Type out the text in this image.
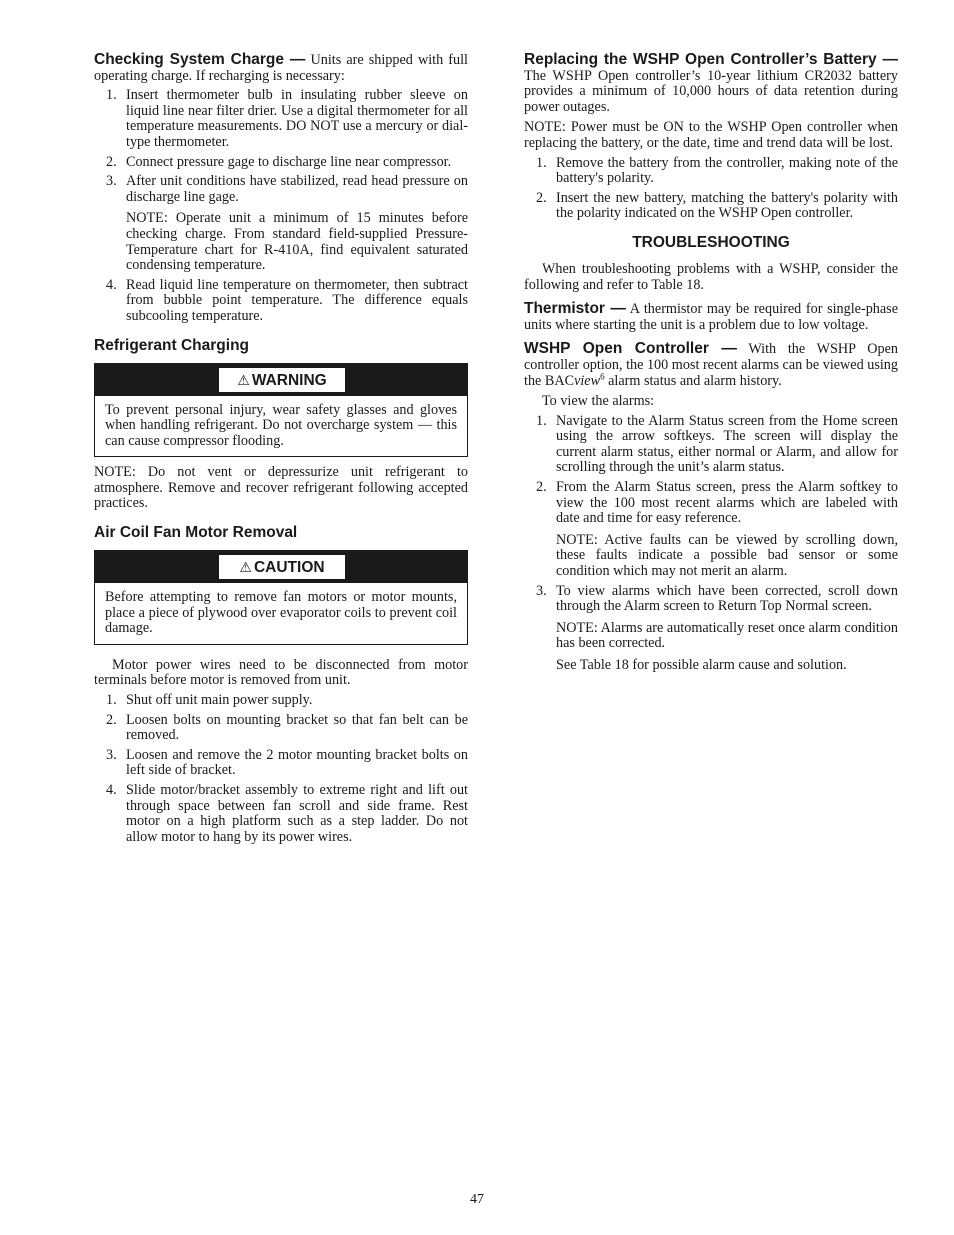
Checking System Charge — Units are shipped with full operating charge. If recharging is necessary:

1. Insert thermometer bulb in insulating rubber sleeve on liquid line near filter drier. Use a digital thermometer for all temperature measurements. DO NOT use a mercury or dial-type thermometer.
2. Connect pressure gage to discharge line near compressor.
3. After unit conditions have stabilized, read head pressure on discharge line gage.

NOTE: Operate unit a minimum of 15 minutes before checking charge. From standard field-supplied Pressure-Temperature chart for R-410A, find equivalent saturated condensing temperature.

4. Read liquid line temperature on thermometer, then subtract from bubble point temperature. The difference equals subcooling temperature.
Refrigerant Charging
⚠ WARNING

To prevent personal injury, wear safety glasses and gloves when handling refrigerant. Do not overcharge system — this can cause compressor flooding.

NOTE: Do not vent or depressurize unit refrigerant to atmosphere. Remove and recover refrigerant following accepted practices.

Air Coil Fan Motor Removal
⚠ CAUTION

Before attempting to remove fan motors or motor mounts, place a piece of plywood over evaporator coils to prevent coil damage.

Motor power wires need to be disconnected from motor terminals before motor is removed from unit.

1. Shut off unit main power supply.
2. Loosen bolts on mounting bracket so that fan belt can be removed.
3. Loosen and remove the 2 motor mounting bracket bolts on left side of bracket.
4. Slide motor/bracket assembly to extreme right and lift out through space between fan scroll and side frame. Rest motor on a high platform such as a step ladder. Do not allow motor to hang by its power wires.

Replacing the WSHP Open Controller’s Battery — The WSHP Open controller’s 10-year lithium CR2032 battery provides a minimum of 10,000 hours of data retention during power outages.

NOTE: Power must be ON to the WSHP Open controller when replacing the battery, or the date, time and trend data will be lost.

1. Remove the battery from the controller, making note of the battery's polarity.
2. Insert the new battery, matching the battery's polarity with the polarity indicated on the WSHP Open controller.
TROUBLESHOOTING

When troubleshooting problems with a WSHP, consider the following and refer to Table 18.

Thermistor — A thermistor may be required for single-phase units where starting the unit is a problem due to low voltage.

WSHP Open Controller — With the WSHP Open controller option, the 100 most recent alarms can be viewed using the BACview$^6$ alarm status and alarm history.

To view the alarms:

1. Navigate to the Alarm Status screen from the Home screen using the arrow softkeys. The screen will display the current alarm status, either normal or Alarm, and allow for scrolling through the unit’s alarm status.
2. From the Alarm Status screen, press the Alarm softkey to view the 100 most recent alarms which are labeled with date and time for easy reference.

NOTE: Active faults can be viewed by scrolling down, these faults indicate a possible bad sensor or some condition which may not merit an alarm.

3. To view alarms which have been corrected, scroll down through the Alarm screen to Return Top Normal screen.

NOTE: Alarms are automatically reset once alarm condition has been corrected.

See Table 18 for possible alarm cause and solution.

47
